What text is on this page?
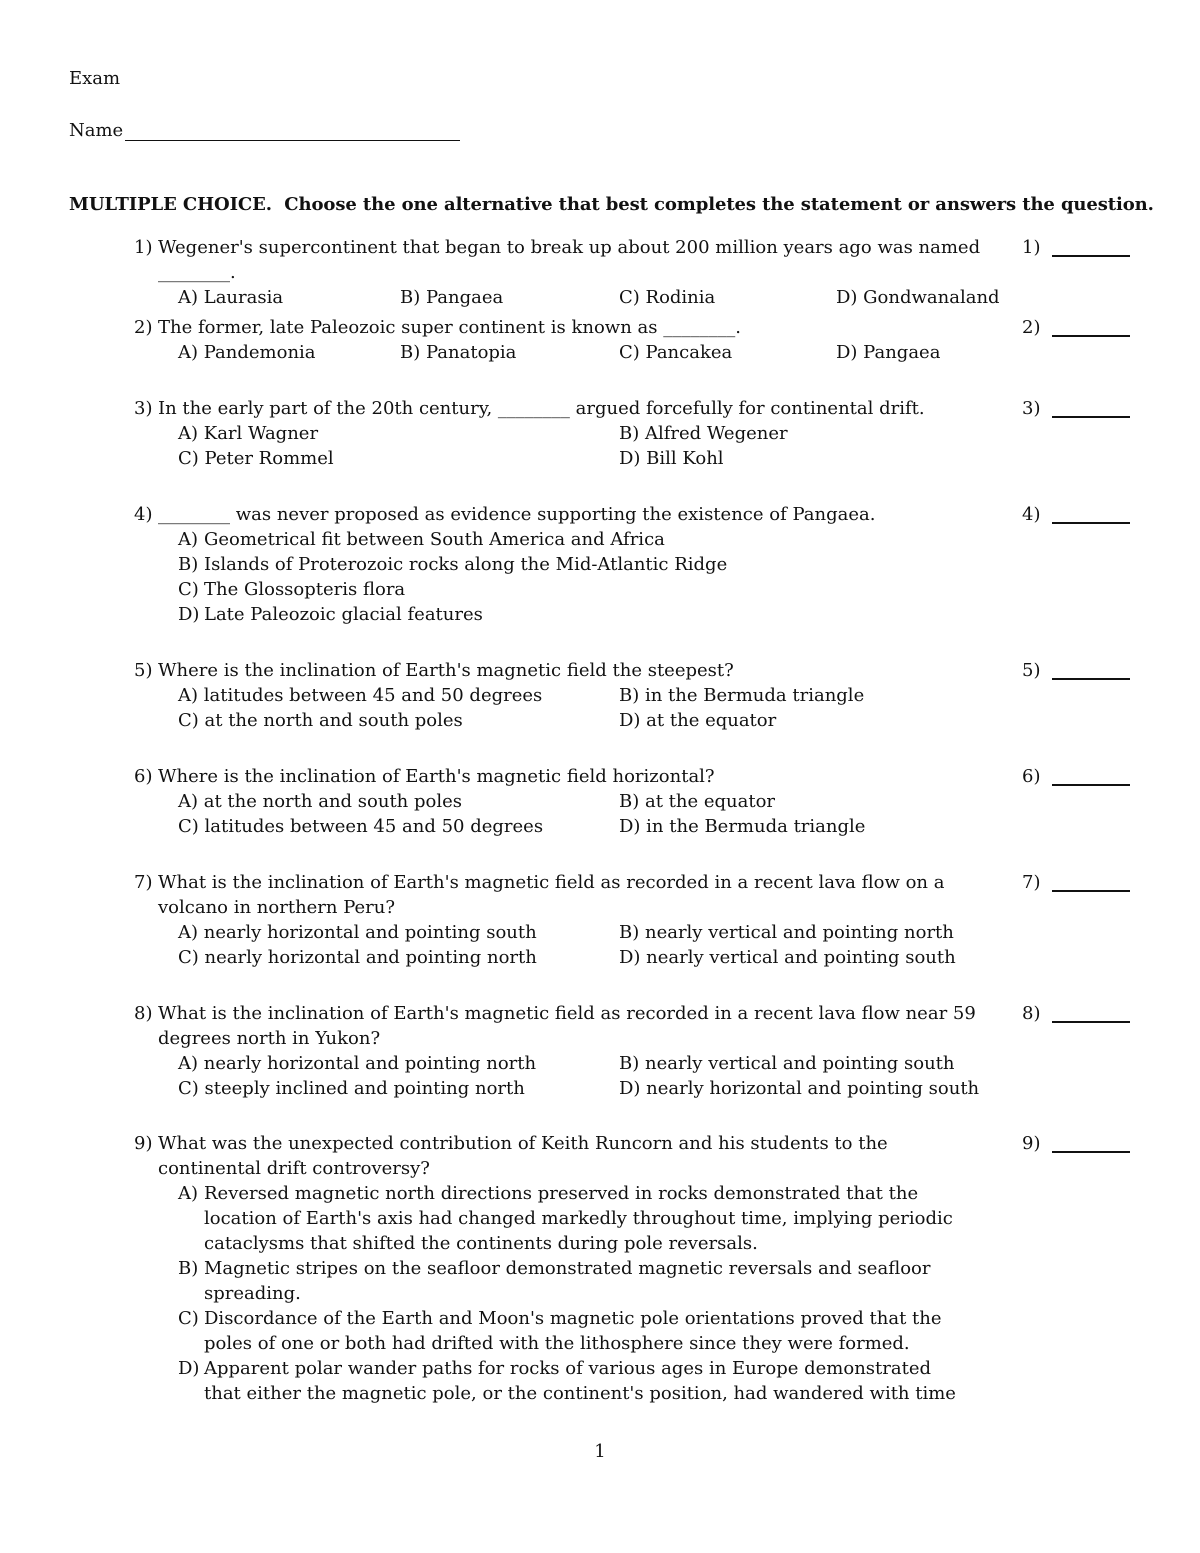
Exam
Name
MULTIPLE CHOICE. Choose the one alternative that best completes the statement or answers the question.
1) Wegener's supercontinent that began to break up about 200 million years ago was named ________.
1)
A) Laurasia	B) Pangaea	C) Rodinia	D) Gondwanaland
2) The former, late Paleozoic super continent is known as ________.	2)
A) Pandemonia	B) Panatopia	C) Pancakea	D) Pangaea
3) In the early part of the 20th century, ________ argued forcefully for continental drift.	3)
A) Karl Wagner	B) Alfred Wegener
C) Peter Rommel	D) Bill Kohl
4) ________ was never proposed as evidence supporting the existence of Pangaea.	4)
A) Geometrical fit between South America and Africa
B) Islands of Proterozoic rocks along the Mid-Atlantic Ridge
C) The Glossopteris flora
D) Late Paleozoic glacial features
5) Where is the inclination of Earth's magnetic field the steepest?	5)
A) latitudes between 45 and 50 degrees	B) in the Bermuda triangle
C) at the north and south poles	D) at the equator
6) Where is the inclination of Earth's magnetic field horizontal?	6)
A) at the north and south poles	B) at the equator
C) latitudes between 45 and 50 degrees	D) in the Bermuda triangle
7) What is the inclination of Earth's magnetic field as recorded in a recent lava flow on a volcano in northern Peru?
7)
A) nearly horizontal and pointing south	B) nearly vertical and pointing north
C) nearly horizontal and pointing north	D) nearly vertical and pointing south
8) What is the inclination of Earth's magnetic field as recorded in a recent lava flow near 59 degrees north in Yukon?
8)
A) nearly horizontal and pointing north	B) nearly vertical and pointing south
C) steeply inclined and pointing north	D) nearly horizontal and pointing south
9) What was the unexpected contribution of Keith Runcorn and his students to the continental drift controversy?
9)
A) Reversed magnetic north directions preserved in rocks demonstrated that the location of Earth's axis had changed markedly throughout time, implying periodic cataclysms that shifted the continents during pole reversals.
B) Magnetic stripes on the seafloor demonstrated magnetic reversals and seafloor spreading.
C) Discordance of the Earth and Moon's magnetic pole orientations proved that the poles of one or both had drifted with the lithosphere since they were formed.
D) Apparent polar wander paths for rocks of various ages in Europe demonstrated that either the magnetic pole, or the continent's position, had wandered with time
1
